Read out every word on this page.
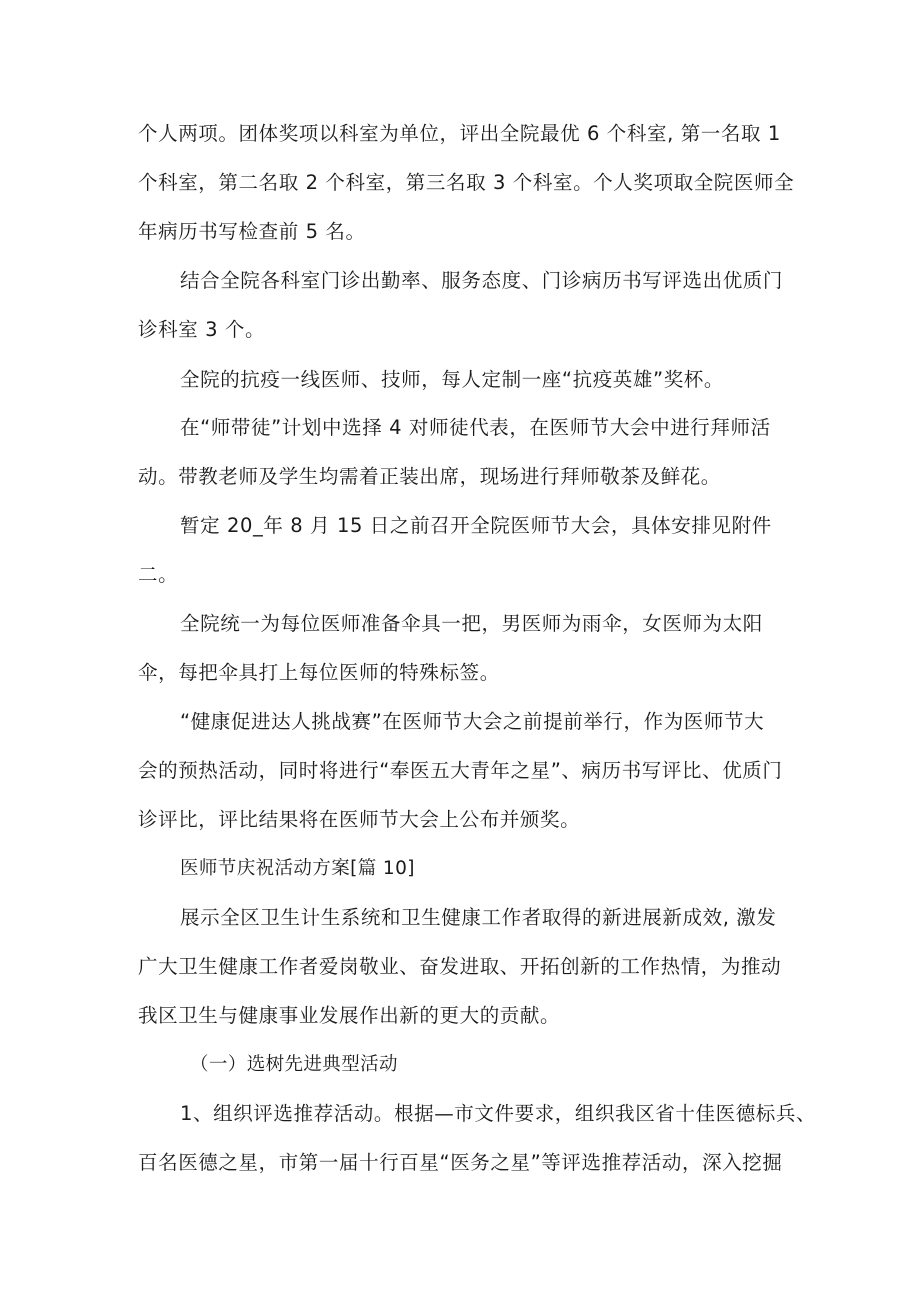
个人两项。团体奖项以科室为单位，评出全院最优 6 个科室, 第一名取 1
个科室，第二名取 2 个科室，第三名取 3 个科室。个人奖项取全院医师全
年病历书写检查前 5 名。
结合全院各科室门诊出勤率、服务态度、门诊病历书写评选出优质门
诊科室 3 个。
全院的抗疫一线医师、技师，每人定制一座“抗疫英雄”奖杯。
在“师带徒”计划中选择 4 对师徒代表，在医师节大会中进行拜师活
动。带教老师及学生均需着正装出席，现场进行拜师敬茶及鲜花。
暂定 20_年 8 月 15 日之前召开全院医师节大会，具体安排见附件
二。
全院统一为每位医师准备伞具一把，男医师为雨伞，女医师为太阳
伞，每把伞具打上每位医师的特殊标签。
“健康促进达人挑战赛”在医师节大会之前提前举行，作为医师节大
会的预热活动，同时将进行“奉医五大青年之星”、病历书写评比、优质门
诊评比，评比结果将在医师节大会上公布并颁奖。
医师节庆祝活动方案[篇 10]
展示全区卫生计生系统和卫生健康工作者取得的新进展新成效, 激发
广大卫生健康工作者爱岗敬业、奋发进取、开拓创新的工作热情，为推动
我区卫生与健康事业发展作出新的更大的贡献。
（一）选树先进典型活动
1、组织评选推荐活动。根据—市文件要求，组织我区省十佳医德标兵、
百名医德之星，市第一届十行百星“医务之星”等评选推荐活动，深入挖掘
